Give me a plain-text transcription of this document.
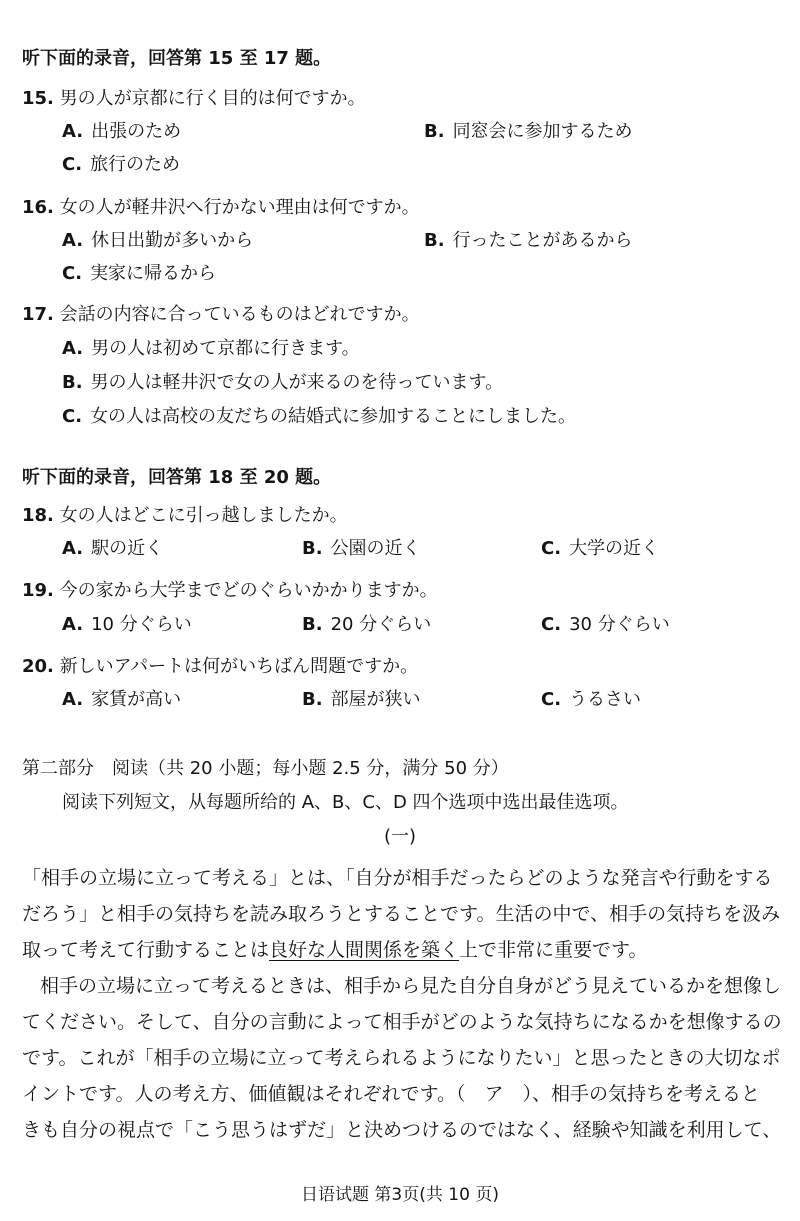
听下面的录音，回答第 15 至 17 题。
15. 男の人が京都に行く目的は何ですか。
A. 出張のため	B. 同窓会に参加するため
C. 旅行のため
16. 女の人が軽井沢へ行かない理由は何ですか。
A. 休日出勤が多いから	B. 行ったことがあるから
C. 実家に帰るから
17. 会話の内容に合っているものはどれですか。
A. 男の人は初めて京都に行きます。
B. 男の人は軽井沢で女の人が来るのを待っています。
C. 女の人は高校の友だちの結婚式に参加することにしました。
听下面的录音，回答第 18 至 20 题。
18. 女の人はどこに引っ越しましたか。
A. 駅の近く	B. 公園の近く	C. 大学の近く
19. 今の家から大学までどのぐらいかかりますか。
A. 10 分ぐらい	B. 20 分ぐらい	C. 30 分ぐらい
20. 新しいアパートは何がいちばん問題ですか。
A. 家賃が高い	B. 部屋が狭い	C. うるさい
第二部分　阅读（共 20 小题；每小题 2.5 分，满分 50 分）
阅读下列短文，从每题所给的 A、B、C、D 四个选项中选出最佳选项。
(一)

「相手の立場に立って考える」とは、「自分が相手だったらどのような発言や行動をする

だろう」と相手の気持ちを読み取ろうとすることです。生活の中で、相手の気持ちを汲み

取って考えて行動することは良好な人間関係を築く上で非常に重要です。

相手の立場に立って考えるときは、相手から見た自分自身がどう見えているかを想像し

てください。そして、自分の言動によって相手がどのような気持ちになるかを想像するの

です。これが「相手の立場に立って考えられるようになりたい」と思ったときの大切なポ

イントです。人の考え方、価値観はそれぞれです。（　ア　）、相手の気持ちを考えると

きも自分の視点で「こう思うはずだ」と決めつけるのではなく、経験や知識を利用して、

日语试题 第3页(共 10 页)
